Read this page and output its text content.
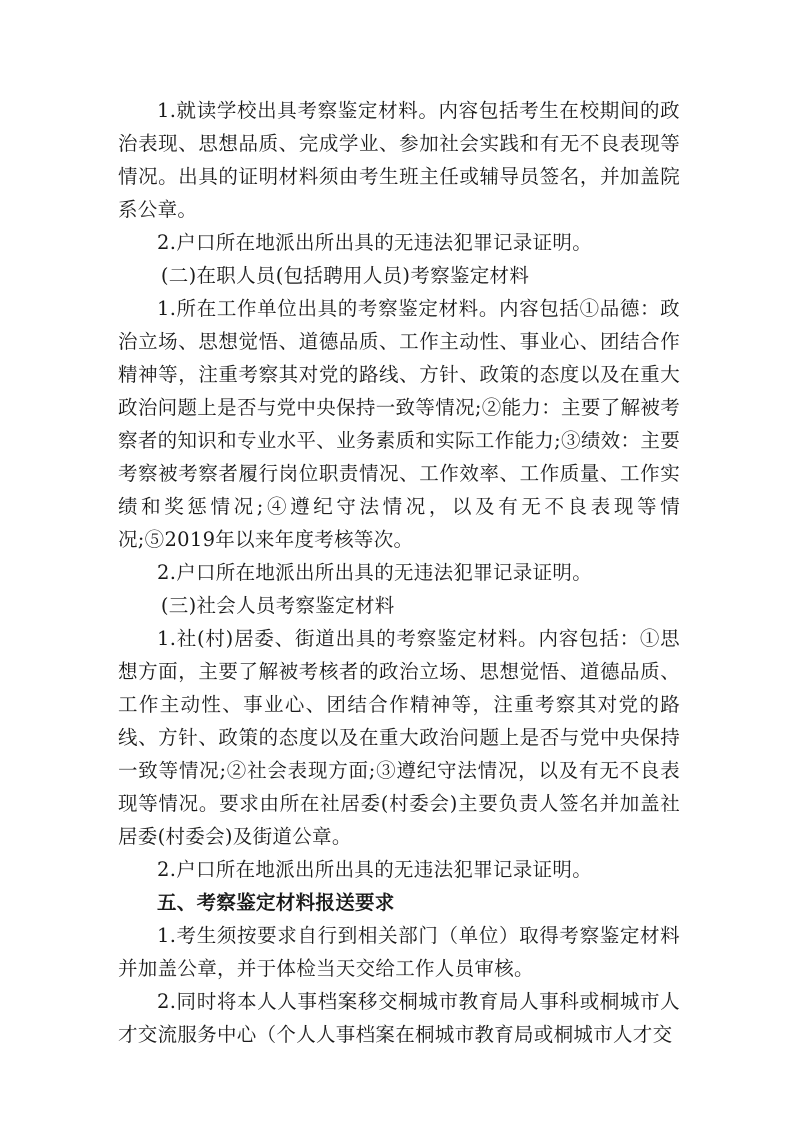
1.就读学校出具考察鉴定材料。内容包括考生在校期间的政治表现、思想品质、完成学业、参加社会实践和有无不良表现等情况。出具的证明材料须由考生班主任或辅导员签名，并加盖院系公章。

2.户口所在地派出所出具的无违法犯罪记录证明。

(二)在职人员(包括聘用人员)考察鉴定材料

1.所在工作单位出具的考察鉴定材料。内容包括①品德：政治立场、思想觉悟、道德品质、工作主动性、事业心、团结合作精神等，注重考察其对党的路线、方针、政策的态度以及在重大政治问题上是否与党中央保持一致等情况;②能力：主要了解被考察者的知识和专业水平、业务素质和实际工作能力;③绩效：主要考察被考察者履行岗位职责情况、工作效率、工作质量、工作实绩和奖惩情况;④遵纪守法情况，以及有无不良表现等情况;⑤2019年以来年度考核等次。

2.户口所在地派出所出具的无违法犯罪记录证明。

(三)社会人员考察鉴定材料

1.社(村)居委、街道出具的考察鉴定材料。内容包括：①思想方面，主要了解被考核者的政治立场、思想觉悟、道德品质、工作主动性、事业心、团结合作精神等，注重考察其对党的路线、方针、政策的态度以及在重大政治问题上是否与党中央保持一致等情况;②社会表现方面;③遵纪守法情况，以及有无不良表现等情况。要求由所在社居委(村委会)主要负责人签名并加盖社居委(村委会)及街道公章。

2.户口所在地派出所出具的无违法犯罪记录证明。

五、考察鉴定材料报送要求

1.考生须按要求自行到相关部门（单位）取得考察鉴定材料并加盖公章，并于体检当天交给工作人员审核。

2.同时将本人人事档案移交桐城市教育局人事科或桐城市人才交流服务中心（个人人事档案在桐城市教育局或桐城市人才交
